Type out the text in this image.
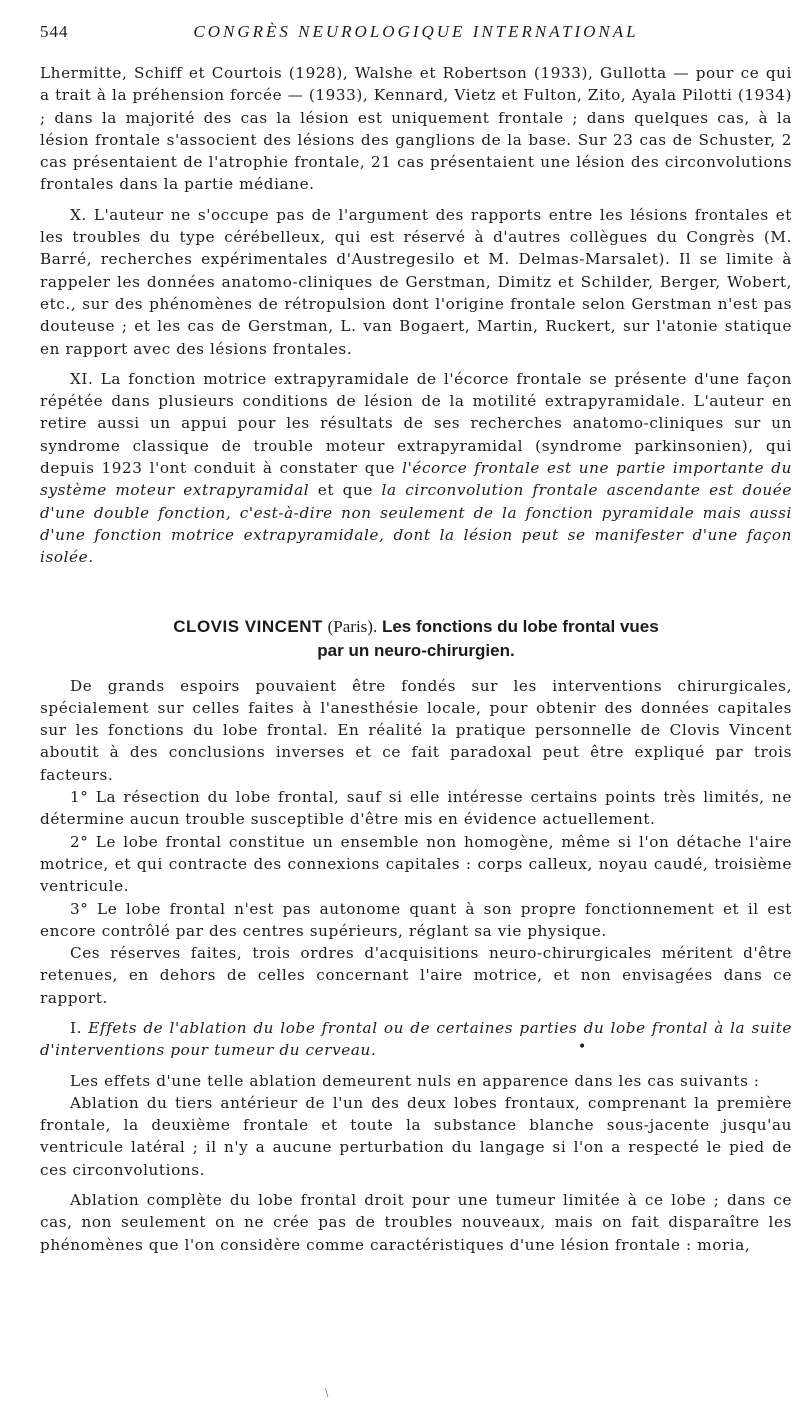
544	CONGRÈS NEUROLOGIQUE INTERNATIONAL

Lhermitte, Schiff et Courtois (1928), Walshe et Robertson (1933), Gullotta — pour ce qui a trait à la préhension forcée — (1933), Kennard, Vietz et Fulton, Zito, Ayala Pilotti (1934) ; dans la majorité des cas la lésion est uniquement frontale ; dans quelques cas, à la lésion frontale s'associent des lésions des ganglions de la base. Sur 23 cas de Schuster, 2 cas présentaient de l'atrophie frontale, 21 cas présentaient une lésion des circonvolutions frontales dans la partie médiane.

X. L'auteur ne s'occupe pas de l'argument des rapports entre les lésions frontales et les troubles du type cérébelleux, qui est réservé à d'autres collègues du Congrès (M. Barré, recherches expérimentales d'Austregesilo et M. Delmas-Marsalet). Il se limite à rappeler les données anatomo-cliniques de Gerstman, Dimitz et Schilder, Berger, Wobert, etc., sur des phénomènes de rétropulsion dont l'origine frontale selon Gerstman n'est pas douteuse ; et les cas de Gerstman, L. van Bogaert, Martin, Ruckert, sur l'atonie statique en rapport avec des lésions frontales.

XI. La fonction motrice extrapyramidale de l'écorce frontale se présente d'une façon répétée dans plusieurs conditions de lésion de la motilité extrapyramidale. L'auteur en retire aussi un appui pour les résultats de ses recherches anatomo-cliniques sur un syndrome classique de trouble moteur extrapyramidal (syndrome parkinsonien), qui depuis 1923 l'ont conduit à constater que l'écorce frontale est une partie importante du système moteur extrapyramidal et que la circonvolution frontale ascendante est douée d'une double fonction, c'est-à-dire non seulement de la fonction pyramidale mais aussi d'une fonction motrice extrapyramidale, dont la lésion peut se manifester d'une façon isolée.

CLOVIS VINCENT (Paris). Les fonctions du lobe frontal vues
par un neuro-chirurgien.

De grands espoirs pouvaient être fondés sur les interventions chirurgicales, spécialement sur celles faites à l'anesthésie locale, pour obtenir des données capitales sur les fonctions du lobe frontal. En réalité la pratique personnelle de Clovis Vincent aboutit à des conclusions inverses et ce fait paradoxal peut être expliqué par trois facteurs.

1° La résection du lobe frontal, sauf si elle intéresse certains points très limités, ne détermine aucun trouble susceptible d'être mis en évidence actuellement.

2° Le lobe frontal constitue un ensemble non homogène, même si l'on détache l'aire motrice, et qui contracte des connexions capitales : corps calleux, noyau caudé, troisième ventricule.

3° Le lobe frontal n'est pas autonome quant à son propre fonctionnement et il est encore contrôlé par des centres supérieurs, réglant sa vie physique.

Ces réserves faites, trois ordres d'acquisitions neuro-chirurgicales méritent d'être retenues, en dehors de celles concernant l'aire motrice, et non envisagées dans ce rapport.

I. Effets de l'ablation du lobe frontal ou de certaines parties du lobe frontal à la suite d'interventions pour tumeur du cerveau.

Les effets d'une telle ablation demeurent nuls en apparence dans les cas suivants :

Ablation du tiers antérieur de l'un des deux lobes frontaux, comprenant la première frontale, la deuxième frontale et toute la substance blanche sous-jacente jusqu'au ventricule latéral ; il n'y a aucune perturbation du langage si l'on a respecté le pied de ces circonvolutions.

Ablation complète du lobe frontal droit pour une tumeur limitée à ce lobe ; dans ce cas, non seulement on ne crée pas de troubles nouveaux, mais on fait disparaître les phénomènes que l'on considère comme caractéristiques d'une lésion frontale : moria,

•
\
